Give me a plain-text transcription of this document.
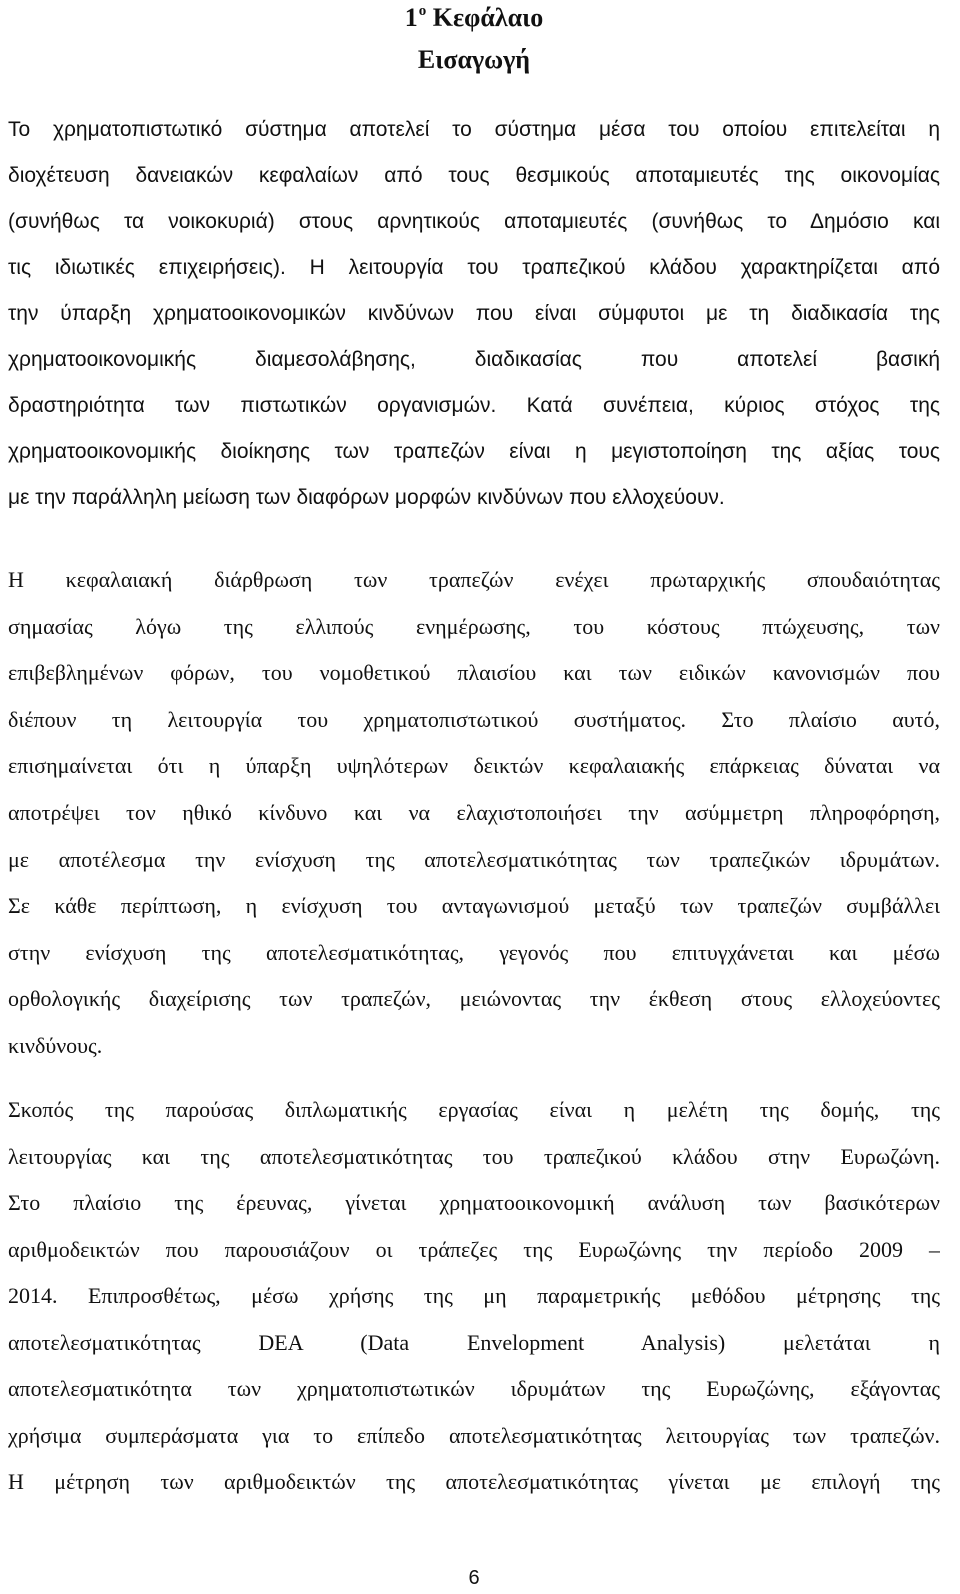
$1^o$ Κεφάλαιο
Εισαγωγή
Το χρηματοπιστωτικό σύστημα αποτελεί το σύστημα μέσα του οποίου επιτελείται η
διοχέτευση δανειακών κεφαλαίων από τους θεσμικούς αποταμιευτές της οικονομίας
(συνήθως τα νοικοκυριά) στους αρνητικούς αποταμιευτές (συνήθως το Δημόσιο και
τις ιδιωτικές επιχειρήσεις). Η λειτουργία του τραπεζικού κλάδου χαρακτηρίζεται από
την ύπαρξη χρηματοοικονομικών κινδύνων που είναι σύμφυτοι με τη διαδικασία της
χρηματοοικονομικής διαμεσολάβησης, διαδικασίας που αποτελεί βασική
δραστηριότητα των πιστωτικών οργανισμών. Κατά συνέπεια, κύριος στόχος της
χρηματοοικονομικής διοίκησης των τραπεζών είναι η μεγιστοποίηση της αξίας τους
με την παράλληλη μείωση των διαφόρων μορφών κινδύνων που ελλοχεύουν.
Η κεφαλαιακή διάρθρωση των τραπεζών ενέχει πρωταρχικής σπουδαιότητας
σημασίας λόγω της ελλιπούς ενημέρωσης, του κόστους πτώχευσης, των
επιβεβλημένων φόρων, του νομοθετικού πλαισίου και των ειδικών κανονισμών που
διέπουν τη λειτουργία του χρηματοπιστωτικού συστήματος. Στο πλαίσιο αυτό,
επισημαίνεται ότι η ύπαρξη υψηλότερων δεικτών κεφαλαιακής επάρκειας δύναται να
αποτρέψει τον ηθικό κίνδυνο και να ελαχιστοποιήσει την ασύμμετρη πληροφόρηση,
με αποτέλεσμα την ενίσχυση της αποτελεσματικότητας των τραπεζικών ιδρυμάτων.
Σε κάθε περίπτωση, η ενίσχυση του ανταγωνισμού μεταξύ των τραπεζών συμβάλλει
στην ενίσχυση της αποτελεσματικότητας, γεγονός που επιτυγχάνεται και μέσω
ορθολογικής διαχείρισης των τραπεζών, μειώνοντας την έκθεση στους ελλοχεύοντες
κινδύνους.
Σκοπός της παρούσας διπλωματικής εργασίας είναι η μελέτη της δομής, της
λειτουργίας και της αποτελεσματικότητας του τραπεζικού κλάδου στην Ευρωζώνη.
Στο πλαίσιο της έρευνας, γίνεται χρηματοοικονομική ανάλυση των βασικότερων
αριθμοδεικτών που παρουσιάζουν οι τράπεζες της Ευρωζώνης την περίοδο 2009 –
2014. Επιπροσθέτως, μέσω χρήσης της μη παραμετρικής μεθόδου μέτρησης της
αποτελεσματικότητας DEA (Data Envelopment Analysis) μελετάται η
αποτελεσματικότητα των χρηματοπιστωτικών ιδρυμάτων της Ευρωζώνης, εξάγοντας
χρήσιμα συμπεράσματα για το επίπεδο αποτελεσματικότητας λειτουργίας των τραπεζών.
Η μέτρηση των αριθμοδεικτών της αποτελεσματικότητας γίνεται με επιλογή της
6
